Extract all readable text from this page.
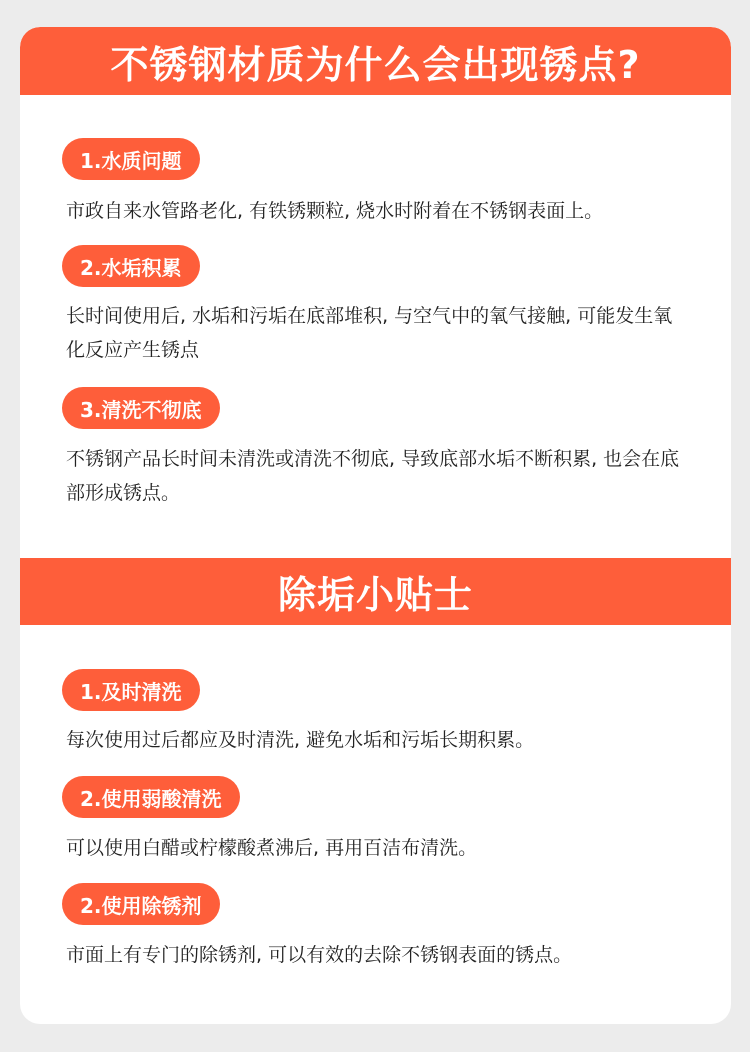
不锈钢材质为什么会出现锈点?
1.水质问题
市政自来水管路老化, 有铁锈颗粒, 烧水时附着在不锈钢表面上。
2.水垢积累
长时间使用后, 水垢和污垢在底部堆积, 与空气中的氧气接触, 可能发生氧化反应产生锈点
3.清洗不彻底
不锈钢产品长时间未清洗或清洗不彻底, 导致底部水垢不断积累, 也会在底部形成锈点。
除垢小贴士
1.及时清洗
每次使用过后都应及时清洗, 避免水垢和污垢长期积累。
2.使用弱酸清洗
可以使用白醋或柠檬酸煮沸后, 再用百洁布清洗。
2.使用除锈剂
市面上有专门的除锈剂, 可以有效的去除不锈钢表面的锈点。
